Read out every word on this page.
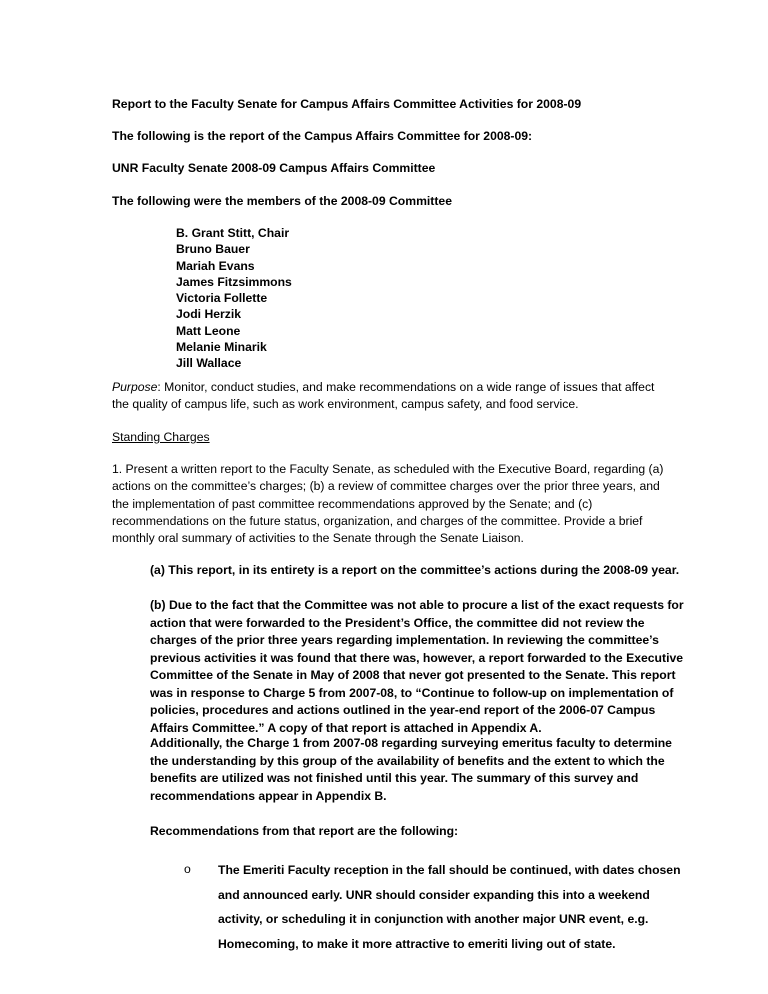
Report to the Faculty Senate for Campus Affairs Committee Activities for 2008-09
The following is the report of the Campus Affairs Committee for 2008-09:
UNR Faculty Senate 2008-09 Campus Affairs Committee
The following were the members of the 2008-09 Committee
B. Grant Stitt, Chair
Bruno Bauer
Mariah Evans
James Fitzsimmons
Victoria Follette
Jodi Herzik
Matt Leone
Melanie Minarik
Jill Wallace
Purpose: Monitor, conduct studies, and make recommendations on a wide range of issues that affect the quality of campus life, such as work environment, campus safety, and food service.
Standing Charges
1. Present a written report to the Faculty Senate, as scheduled with the Executive Board, regarding (a) actions on the committee’s charges; (b) a review of committee charges over the prior three years, and the implementation of past committee recommendations approved by the Senate; and (c) recommendations on the future status, organization, and charges of the committee. Provide a brief monthly oral summary of activities to the Senate through the Senate Liaison.
(a) This report, in its entirety is a report on the committee’s actions during the 2008-09 year.
(b) Due to the fact that the Committee was not able to procure a list of the exact requests for action that were forwarded to the President’s Office, the committee did not review the charges of the prior three years regarding implementation. In reviewing the committee’s previous activities it was found that there was, however, a report forwarded to the Executive Committee of the Senate in May of 2008 that never got presented to the Senate. This report was in response to Charge 5 from 2007-08, to “Continue to follow-up on implementation of policies, procedures and actions outlined in the year-end report of the 2006-07 Campus Affairs Committee.” A copy of that report is attached in Appendix A.
Additionally, the Charge 1 from 2007-08 regarding surveying emeritus faculty to determine the understanding by this group of the availability of benefits and the extent to which the benefits are utilized was not finished until this year. The summary of this survey and recommendations appear in Appendix B.
Recommendations from that report are the following:
o The Emeriti Faculty reception in the fall should be continued, with dates chosen and announced early. UNR should consider expanding this into a weekend activity, or scheduling it in conjunction with another major UNR event, e.g. Homecoming, to make it more attractive to emeriti living out of state.
